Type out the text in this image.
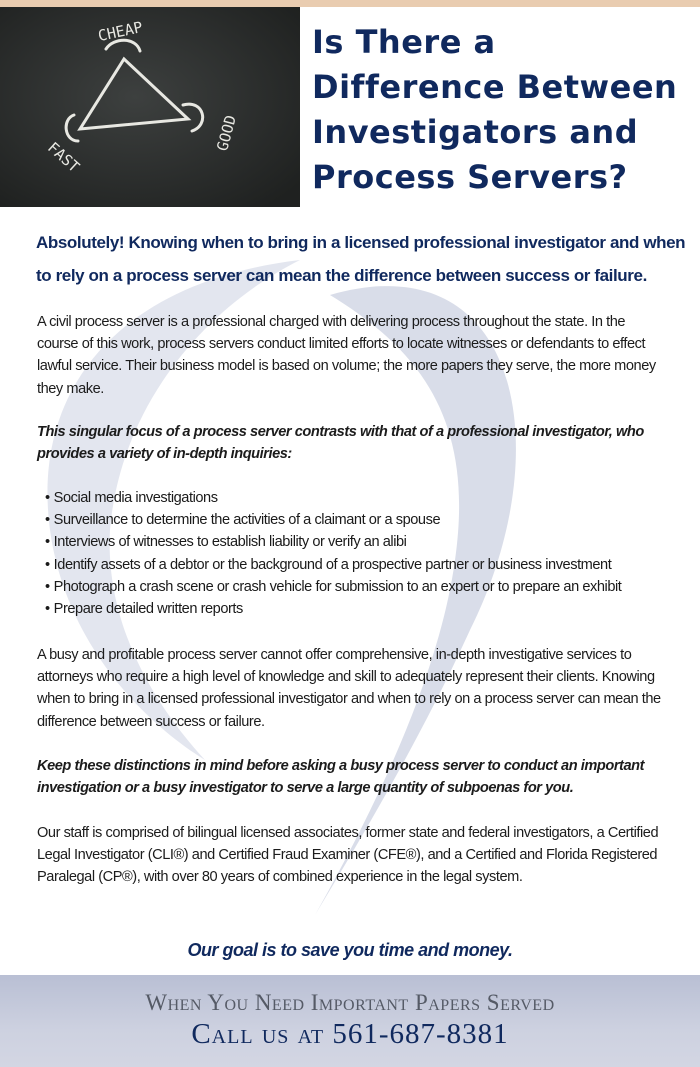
CHEAP
GOOD
FAST
Is There a Difference Between Investigators and Process Servers?

Absolutely! Knowing when to bring in a licensed professional investigator and when to rely on a process server can mean the difference between success or failure.

A civil process server is a professional charged with delivering process throughout the state. In the course of this work, process servers conduct limited efforts to locate witnesses or defendants to effect lawful service. Their business model is based on volume; the more papers they serve, the more money they make.

This singular focus of a process server contrasts with that of a professional investigator, who provides a variety of in-depth inquiries:

• Social media investigations
• Surveillance to determine the activities of a claimant or a spouse
• Interviews of witnesses to establish liability or verify an alibi
• Identify assets of a debtor or the background of a prospective partner or business investment
• Photograph a crash scene or crash vehicle for submission to an expert or to prepare an exhibit
• Prepare detailed written reports

A busy and profitable process server cannot offer comprehensive, in-depth investigative services to attorneys who require a high level of knowledge and skill to adequately represent their clients. Knowing when to bring in a licensed professional investigator and when to rely on a process server can mean the difference between success or failure.

Keep these distinctions in mind before asking a busy process server to conduct an important investigation or a busy investigator to serve a large quantity of subpoenas for you.

Our staff is comprised of bilingual licensed associates, former state and federal investigators, a Certified Legal Investigator (CLI®) and Certified Fraud Examiner (CFE®), and a Certified and Florida Registered Paralegal (CP®), with over 80 years of combined experience in the legal system.

Our goal is to save you time and money.

When You Need Important Papers Served
Call us at 561-687-8381
